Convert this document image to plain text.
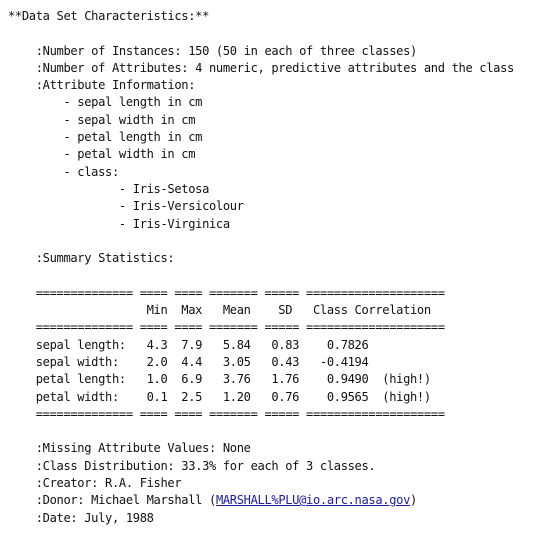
**Data Set Characteristics:**

:Number of Instances: 150 (50 in each of three classes)
:Number of Attributes: 4 numeric, predictive attributes and the class
:Attribute Information:
- sepal length in cm
- sepal width in cm
- petal length in cm
- petal width in cm
- class:
- Iris-Setosa
- Iris-Versicolour
- Iris-Virginica

:Summary Statistics:

============== ==== ==== ======= ===== ====================
Min  Max   Mean    SD   Class Correlation
============== ==== ==== ======= ===== ====================
sepal length:   4.3  7.9   5.84   0.83    0.7826
sepal width:    2.0  4.4   3.05   0.43   -0.4194
petal length:   1.0  6.9   3.76   1.76    0.9490  (high!)
petal width:    0.1  2.5   1.20   0.76    0.9565  (high!)
============== ==== ==== ======= ===== ====================

:Missing Attribute Values: None
:Class Distribution: 33.3% for each of 3 classes.
:Creator: R.A. Fisher
:Donor: Michael Marshall (MARSHALL%PLU@io.arc.nasa.gov)
:Date: July, 1988
